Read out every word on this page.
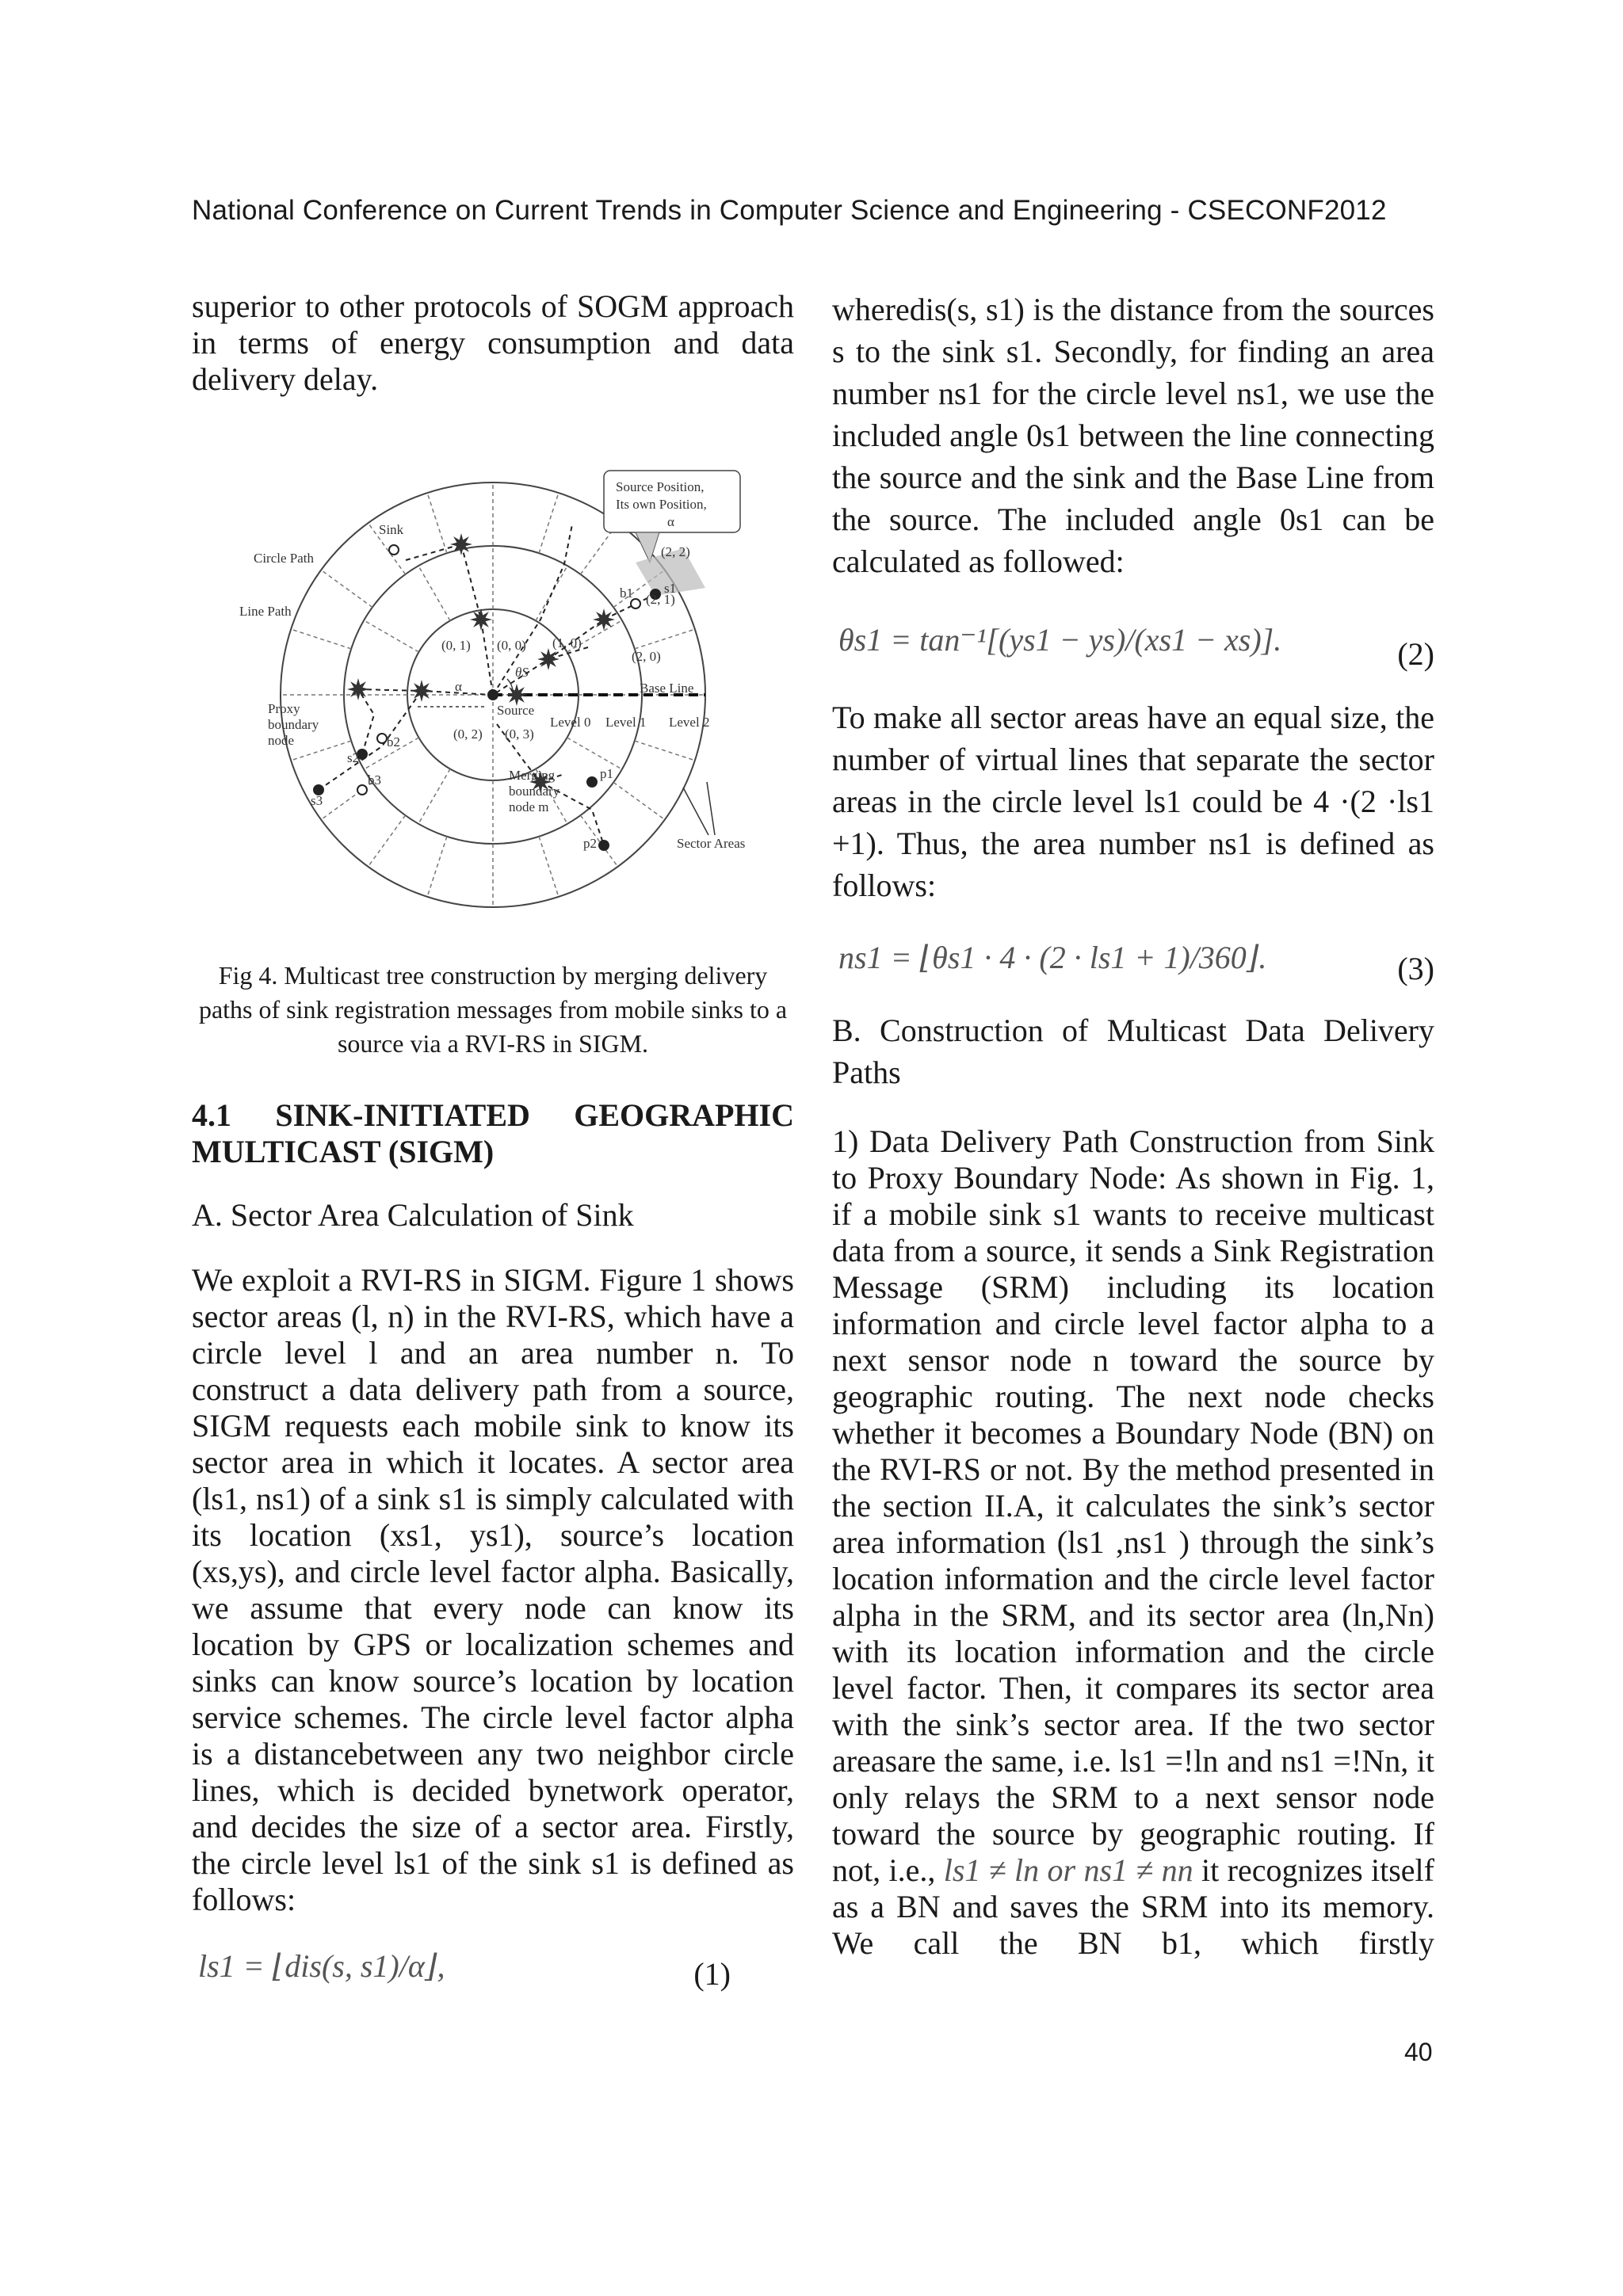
National Conference on Current Trends in Computer Science and Engineering - CSECONF2012

superior to other protocols of SOGM approach in terms of energy consumption and data delivery delay.

Source Position,
Its own Position,
α
Sink
Circle Path
Line Path
(0, 1) (0, 0) (1, 0)
(2, 0)
(2, 1)
(2, 2)
θS
α
Source
(0, 2) (0, 3)
Base Line
Level 0 Level 1 Level 2
Proxy
boundary
node
Merging
boundary
node m
Sector Areas
b1
b2
b3
s1
s2
s3
p1
p2
Fig 4. Multicast tree construction by merging delivery paths of sink registration messages from mobile sinks to a source via a RVI-RS in SIGM.

4.1 SINK-INITIATED GEOGRAPHIC MULTICAST (SIGM)

A. Sector Area Calculation of Sink

We exploit a RVI-RS in SIGM. Figure 1 shows sector areas (l, n) in the RVI-RS, which have a circle level l and an area number n. To construct a data delivery path from a source, SIGM requests each mobile sink to know its sector area in which it locates. A sector area (ls1, ns1) of a sink s1 is simply calculated with its location (xs1, ys1), source’s location (xs,ys), and circle level factor alpha. Basically, we assume that every node can know its location by GPS or localization schemes and sinks can know source’s location by location service schemes. The circle level factor alpha is a distancebetween any two neighbor circle lines, which is decided bynetwork operator, and decides the size of a sector area. Firstly, the circle level ls1 of the sink s1 is defined as follows:

ls1 = ⌊dis(s, s1)/α⌋,	(1)

wheredis(s, s1) is the distance from the sources s to the sink s1. Secondly, for finding an area number ns1 for the circle level ns1, we use the included angle 0s1 between the line connecting the source and the sink and the Base Line from the source. The included angle 0s1 can be calculated as followed:

θs1 = tan⁻¹[(ys1 − ys)/(xs1 − xs)].	(2)

To make all sector areas have an equal size, the number of virtual lines that separate the sector areas in the circle level ls1 could be 4 ·(2 ·ls1 +1). Thus, the area number ns1 is defined as follows:

ns1 = ⌊θs1 · 4 · (2 · ls1 + 1)/360⌋.	(3)

B. Construction of Multicast Data Delivery Paths

1) Data Delivery Path Construction from Sink to Proxy Boundary Node: As shown in Fig. 1, if a mobile sink s1 wants to receive multicast data from a source, it sends a Sink Registration Message (SRM) including its location information and circle level factor alpha to a next sensor node n toward the source by geographic routing. The next node checks whether it becomes a Boundary Node (BN) on the RVI-RS or not. By the method presented in the section II.A, it calculates the sink’s sector area information (ls1 ,ns1 ) through the sink’s location information and the circle level factor alpha in the SRM, and its sector area (ln,Nn) with its location information and the circle level factor. Then, it compares its sector area with the sink’s sector area. If the two sector areasare the same, i.e. ls1 =!ln and ns1 =!Nn, it only relays the SRM to a next sensor node toward the source by geographic routing. If not, i.e., ls1 ≠ ln or ns1 ≠ nn it recognizes itself as a BN and saves the SRM into its memory. We call the BN b1, which firstly

40
